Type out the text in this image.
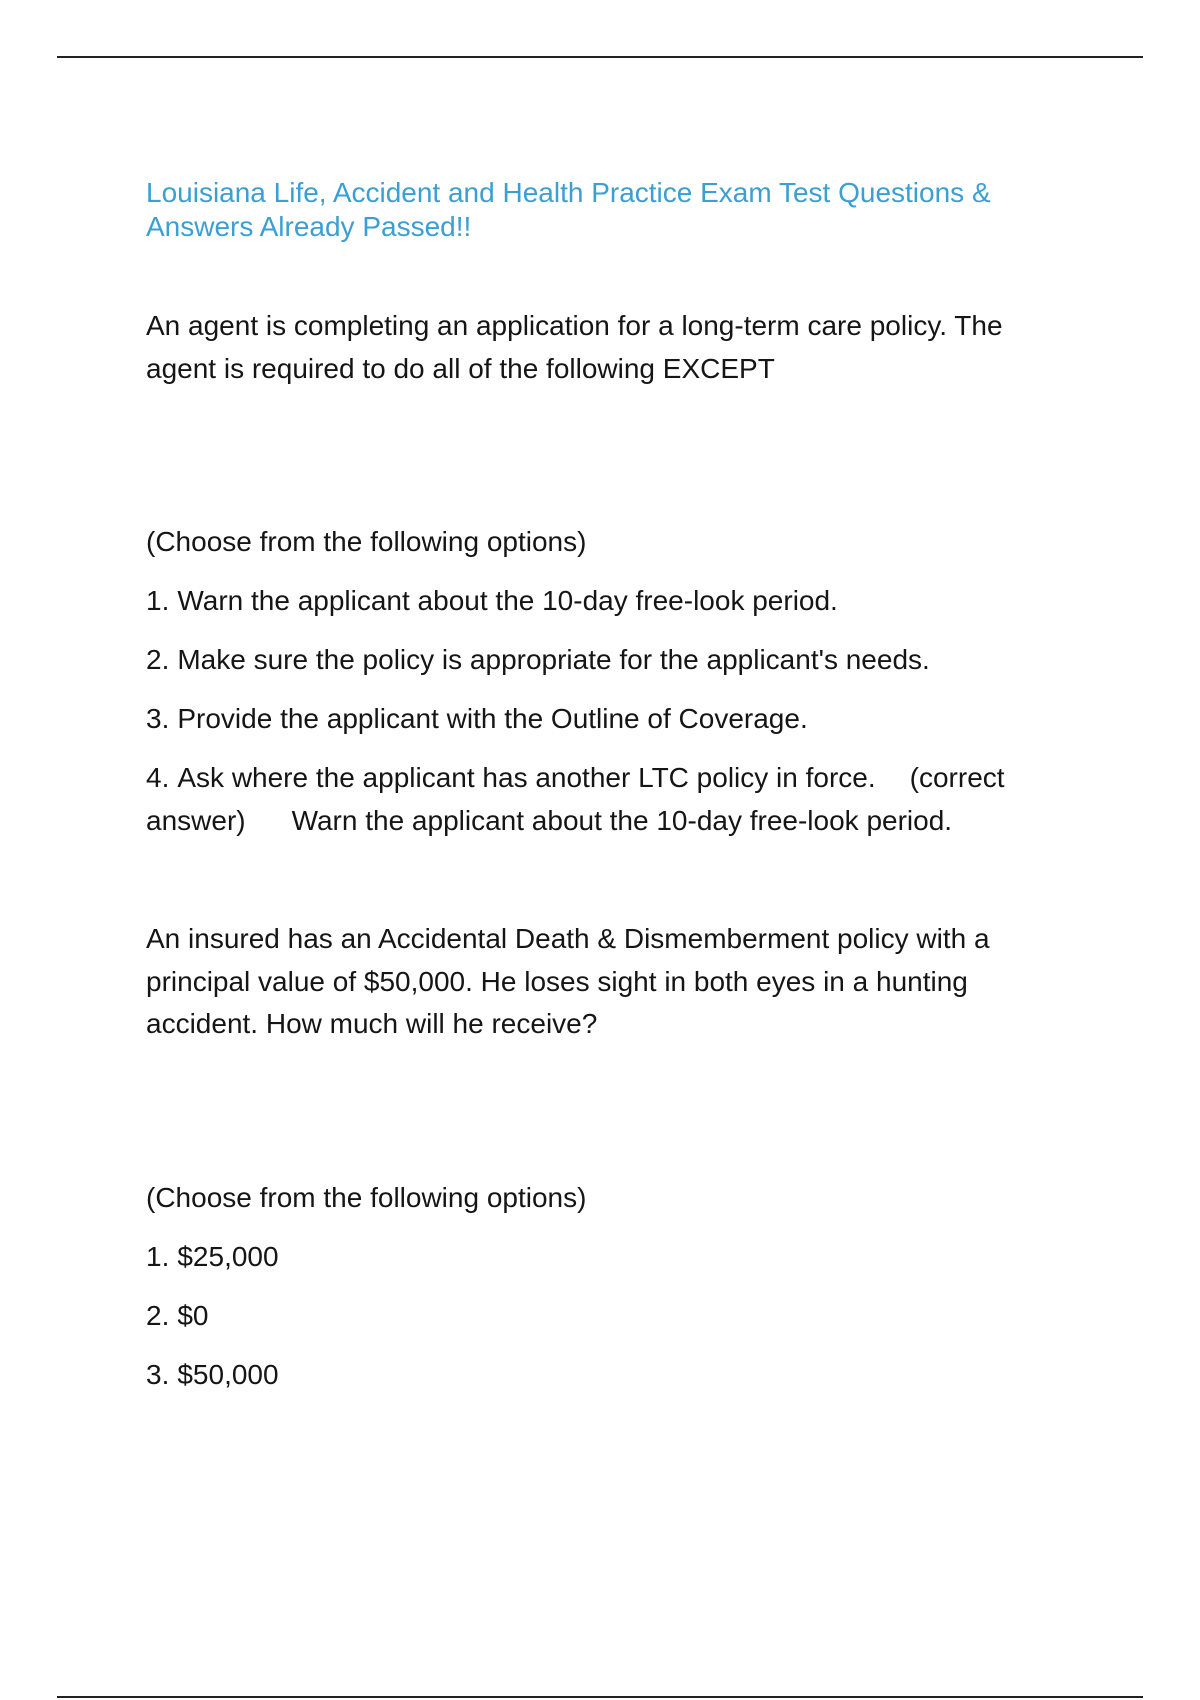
Louisiana Life, Accident and Health Practice Exam Test Questions & Answers Already Passed!!

An agent is completing an application for a long-term care policy. The agent is required to do all of the following EXCEPT

(Choose from the following options)

1. Warn the applicant about the 10-day free-look period.
2. Make sure the policy is appropriate for the applicant's needs.
3. Provide the applicant with the Outline of Coverage.
4. Ask where the applicant has another LTC policy in force. (correct answer) Warn the applicant about the 10-day free-look period.

An insured has an Accidental Death & Dismemberment policy with a principal value of $50,000. He loses sight in both eyes in a hunting accident. How much will he receive?

(Choose from the following options)

1. $25,000
2. $0
3. $50,000
